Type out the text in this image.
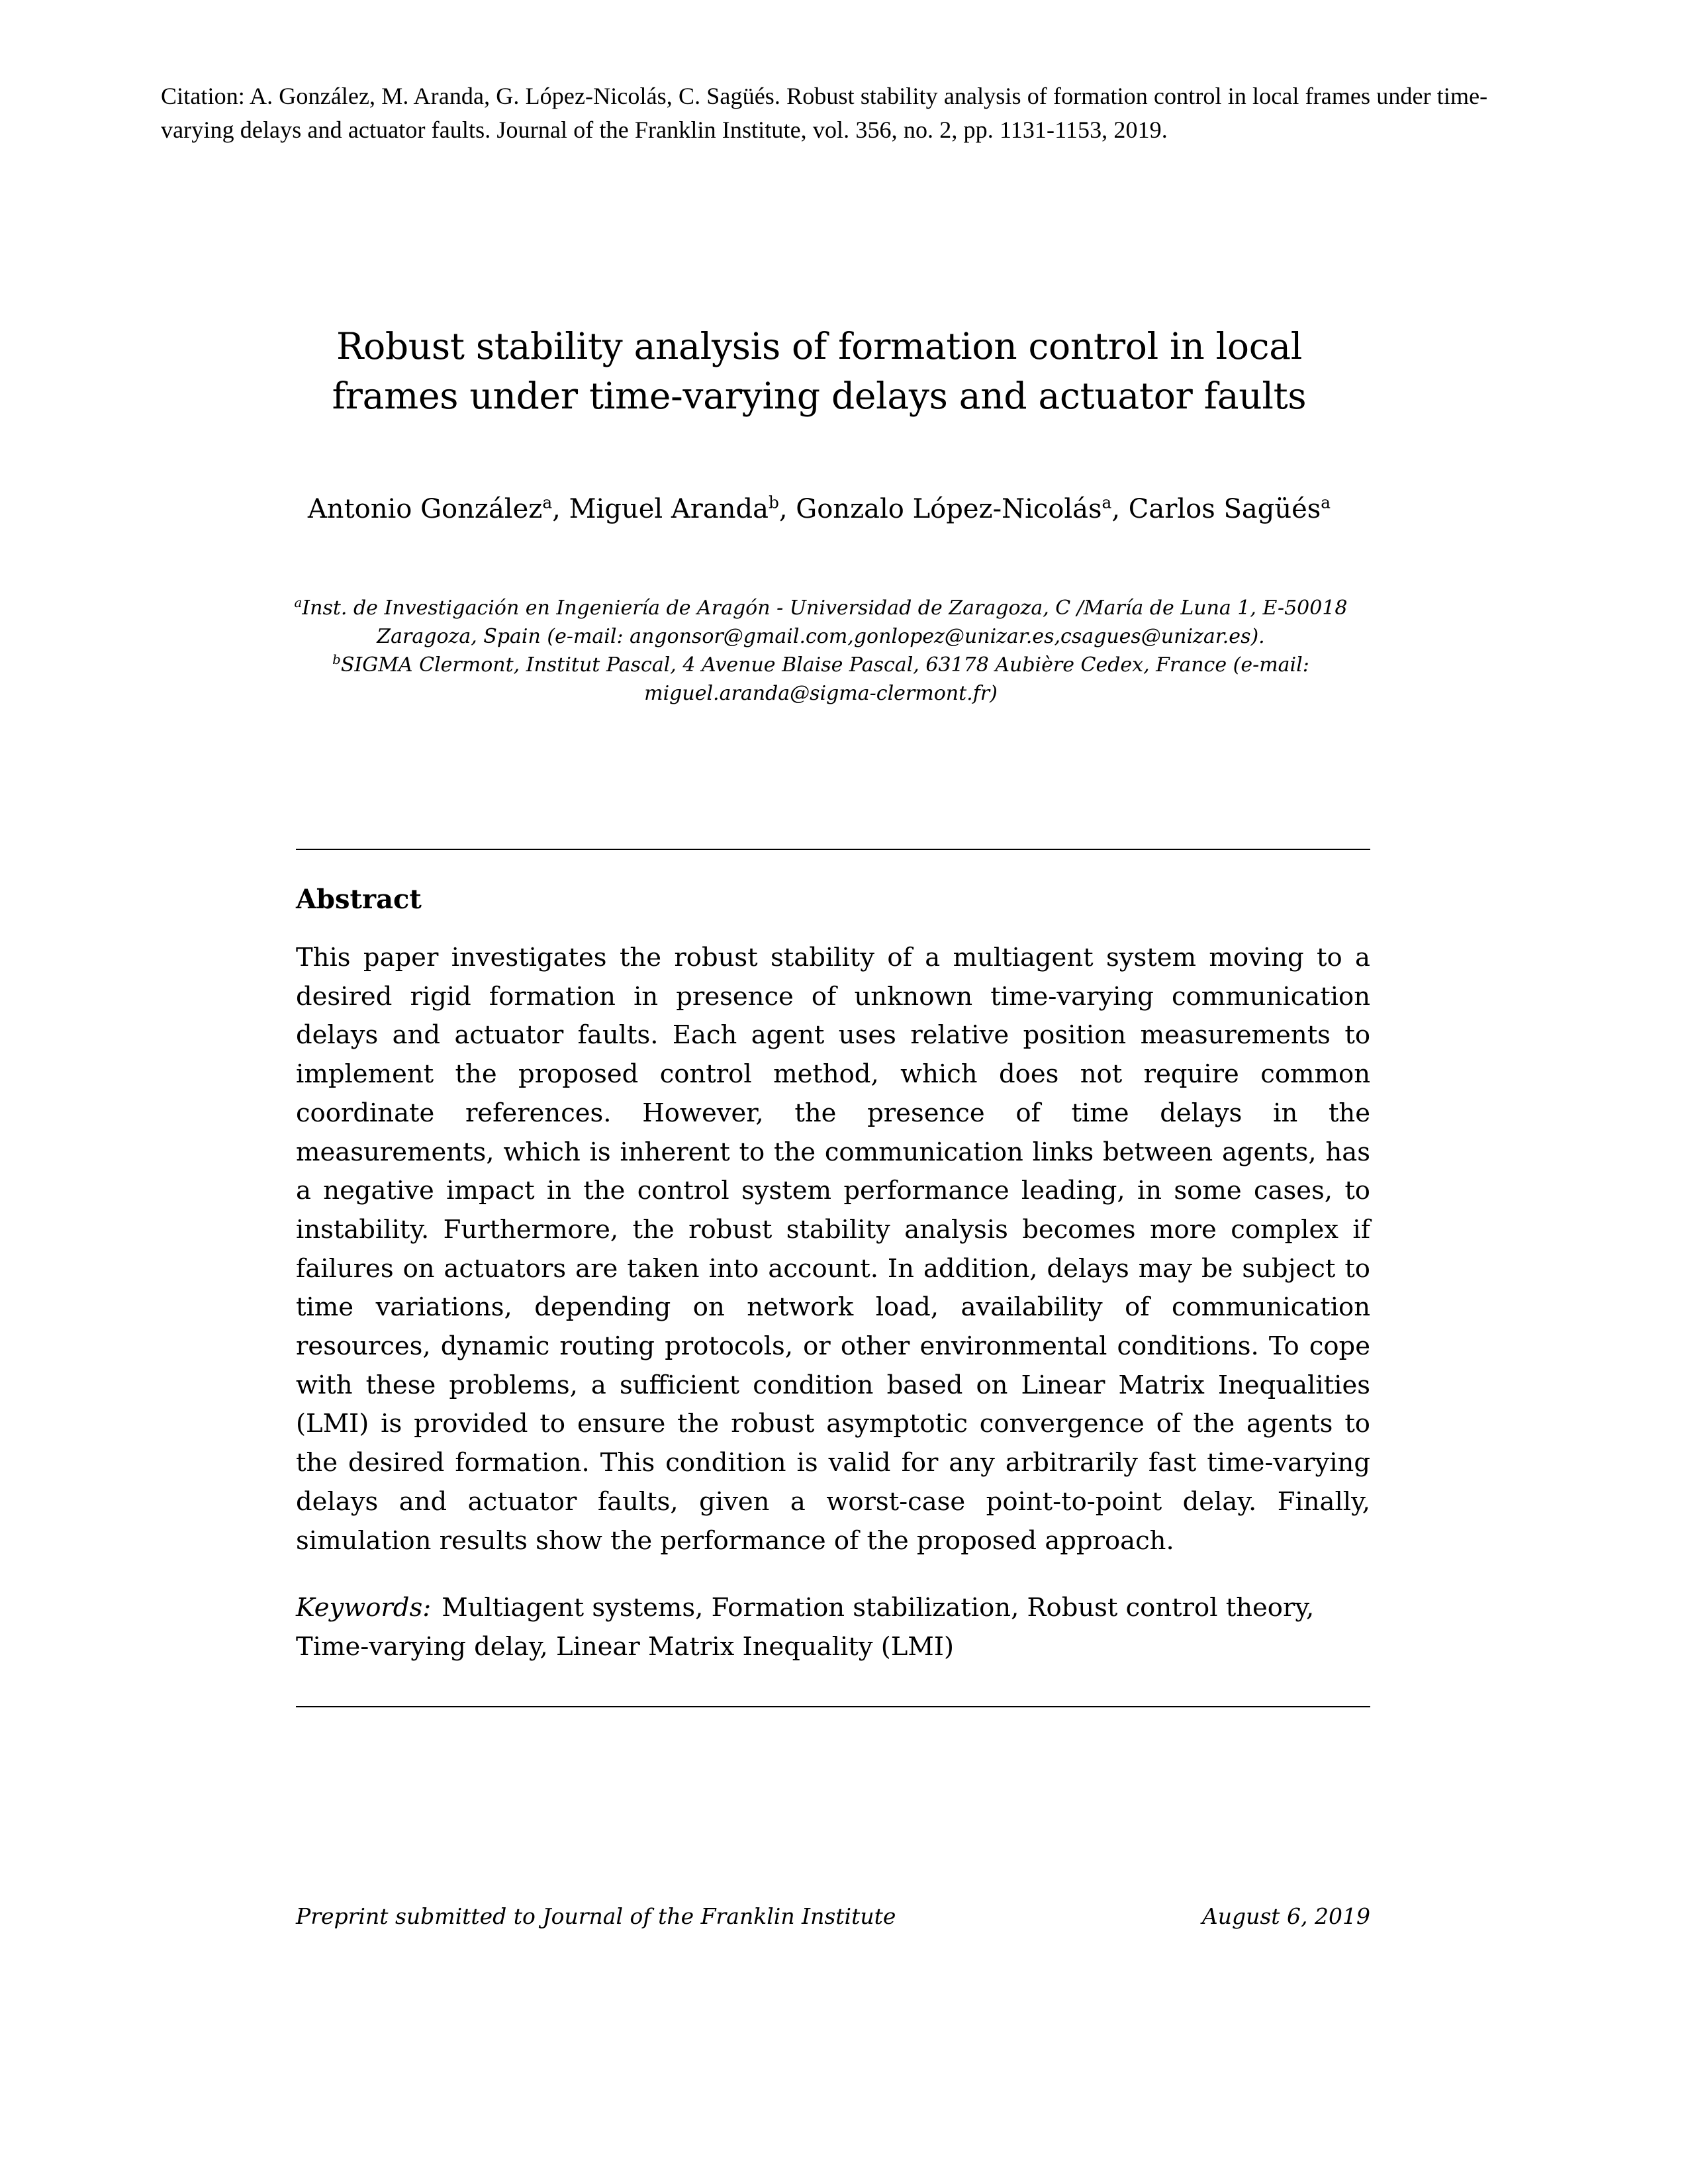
Citation: A. González, M. Aranda, G. López-Nicolás, C. Sagüés. Robust stability analysis of formation control in local frames under time-varying delays and actuator faults. Journal of the Franklin Institute, vol. 356, no. 2, pp. 1131-1153, 2019.
Robust stability analysis of formation control in local frames under time-varying delays and actuator faults
Antonio González$^a$, Miguel Aranda$^b$, Gonzalo López-Nicolás$^a$, Carlos Sagüés$^a$
$^a$Inst. de Investigación en Ingeniería de Aragón - Universidad de Zaragoza, C /María de Luna 1, E-50018 Zaragoza, Spain (e-mail: angonsor@gmail.com,gonlopez@unizar.es,csagues@unizar.es).
$^b$SIGMA Clermont, Institut Pascal, 4 Avenue Blaise Pascal, 63178 Aubière Cedex, France (e-mail: miguel.aranda@sigma-clermont.fr)
Abstract
This paper investigates the robust stability of a multiagent system moving to a desired rigid formation in presence of unknown time-varying communication delays and actuator faults. Each agent uses relative position measurements to implement the proposed control method, which does not require common coordinate references. However, the presence of time delays in the measurements, which is inherent to the communication links between agents, has a negative impact in the control system performance leading, in some cases, to instability. Furthermore, the robust stability analysis becomes more complex if failures on actuators are taken into account. In addition, delays may be subject to time variations, depending on network load, availability of communication resources, dynamic routing protocols, or other environmental conditions. To cope with these problems, a sufficient condition based on Linear Matrix Inequalities (LMI) is provided to ensure the robust asymptotic convergence of the agents to the desired formation. This condition is valid for any arbitrarily fast time-varying delays and actuator faults, given a worst-case point-to-point delay. Finally, simulation results show the performance of the proposed approach.
Keywords: Multiagent systems, Formation stabilization, Robust control theory, Time-varying delay, Linear Matrix Inequality (LMI)
Preprint submitted to Journal of the Franklin Institute	August 6, 2019
